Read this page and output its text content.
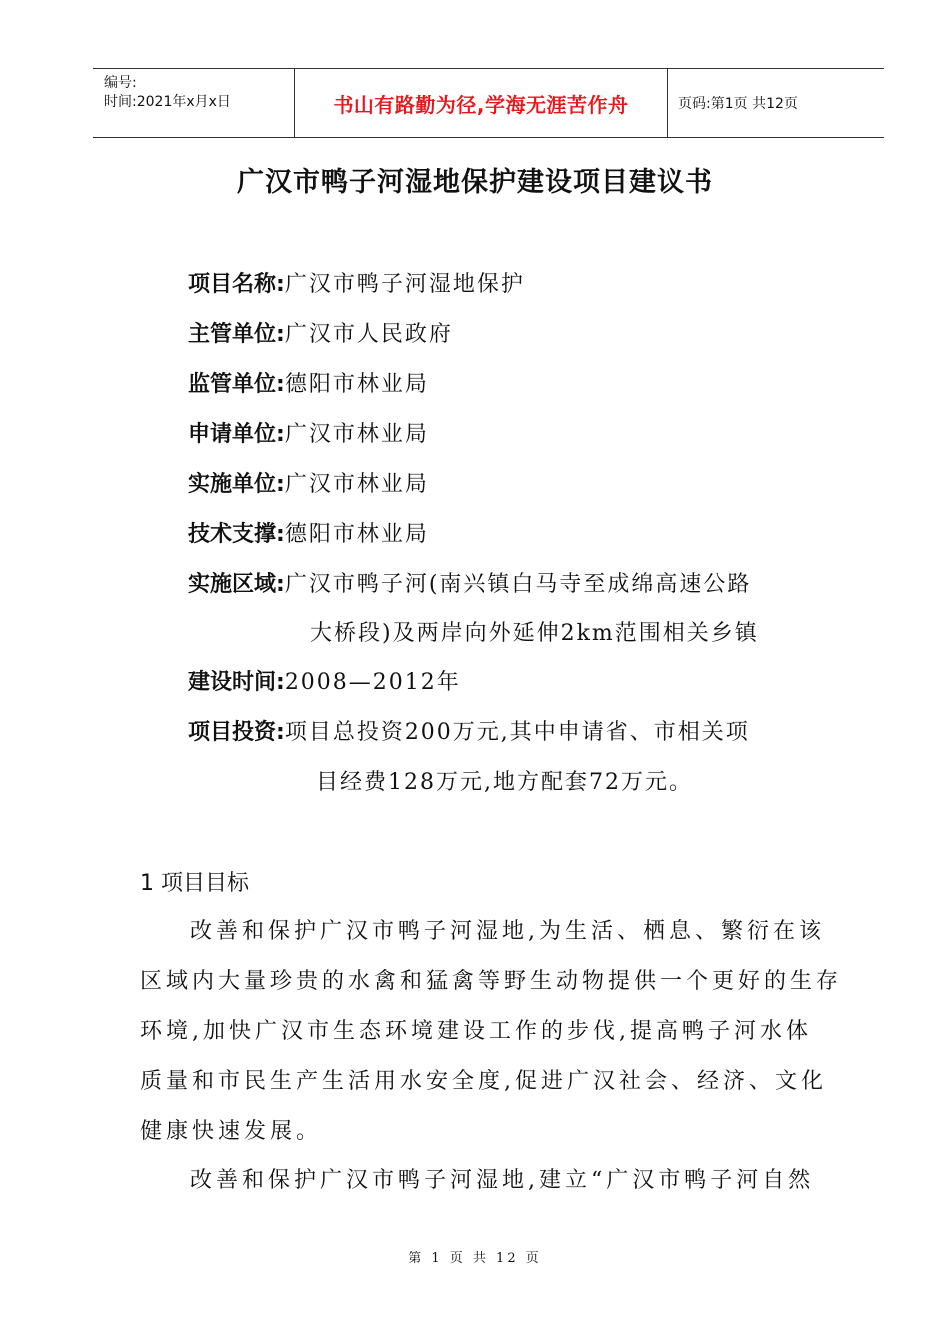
编号:
时间:2021年x月x日	书山有路勤为径,学海无涯苦作舟	页码:第1页 共12页
广汉市鸭子河湿地保护建设项目建议书
项目名称:广汉市鸭子河湿地保护
主管单位:广汉市人民政府
监管单位:德阳市林业局
申请单位:广汉市林业局
实施单位:广汉市林业局
技术支撑:德阳市林业局
实施区域:广汉市鸭子河(南兴镇白马寺至成绵高速公路
大桥段)及两岸向外延伸2km范围相关乡镇
建设时间:2008—2012年
项目投资:项目总投资200万元,其中申请省、市相关项
目经费128万元,地方配套72万元。
1 项目目标
改善和保护广汉市鸭子河湿地,为生活、栖息、繁衍在该
区域内大量珍贵的水禽和猛禽等野生动物提供一个更好的生存
环境,加快广汉市生态环境建设工作的步伐,提高鸭子河水体
质量和市民生产生活用水安全度,促进广汉社会、经济、文化
健康快速发展。
改善和保护广汉市鸭子河湿地,建立“广汉市鸭子河自然
第 1 页 共 12 页
